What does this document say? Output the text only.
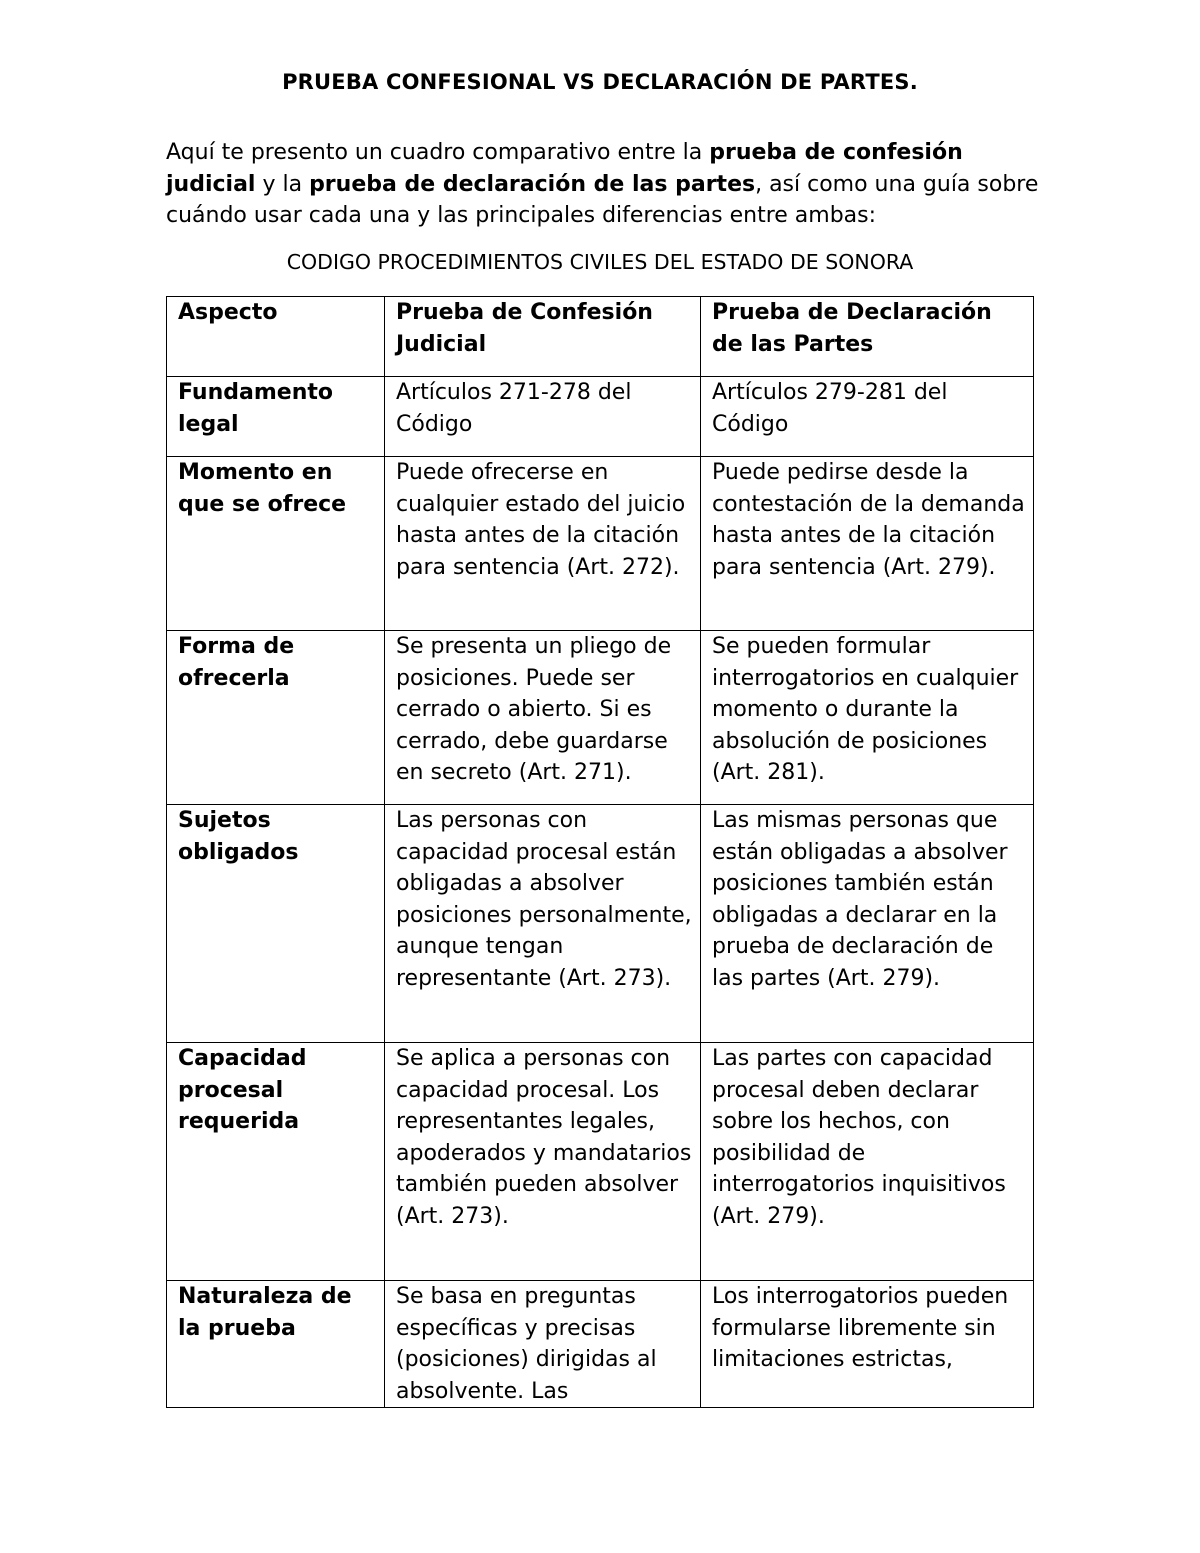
PRUEBA CONFESIONAL VS DECLARACIÓN DE PARTES.

Aquí te presento un cuadro comparativo entre la prueba de confesión judicial y la prueba de declaración de las partes, así como una guía sobre cuándo usar cada una y las principales diferencias entre ambas:

CODIGO PROCEDIMIENTOS CIVILES DEL ESTADO DE SONORA
Aspecto	Prueba de Confesión Judicial	Prueba de Declaración de las Partes
Fundamento legal	Artículos 271-278 del Código	Artículos 279-281 del Código
Momento en que se ofrece	Puede ofrecerse en cualquier estado del juicio hasta antes de la citación para sentencia (Art. 272).	Puede pedirse desde la contestación de la demanda hasta antes de la citación para sentencia (Art. 279).
Forma de ofrecerla	Se presenta un pliego de posiciones. Puede ser cerrado o abierto. Si es cerrado, debe guardarse en secreto (Art. 271).	Se pueden formular interrogatorios en cualquier momento o durante la absolución de posiciones (Art. 281).
Sujetos obligados	Las personas con capacidad procesal están obligadas a absolver posiciones personalmente, aunque tengan representante (Art. 273).	Las mismas personas que están obligadas a absolver posiciones también están obligadas a declarar en la prueba de declaración de las partes (Art. 279).
Capacidad procesal requerida	Se aplica a personas con capacidad procesal. Los representantes legales, apoderados y mandatarios también pueden absolver (Art. 273).	Las partes con capacidad procesal deben declarar sobre los hechos, con posibilidad de interrogatorios inquisitivos (Art. 279).
Naturaleza de la prueba	Se basa en preguntas específicas y precisas (posiciones) dirigidas al absolvente. Las	Los interrogatorios pueden formularse libremente sin limitaciones estrictas,
